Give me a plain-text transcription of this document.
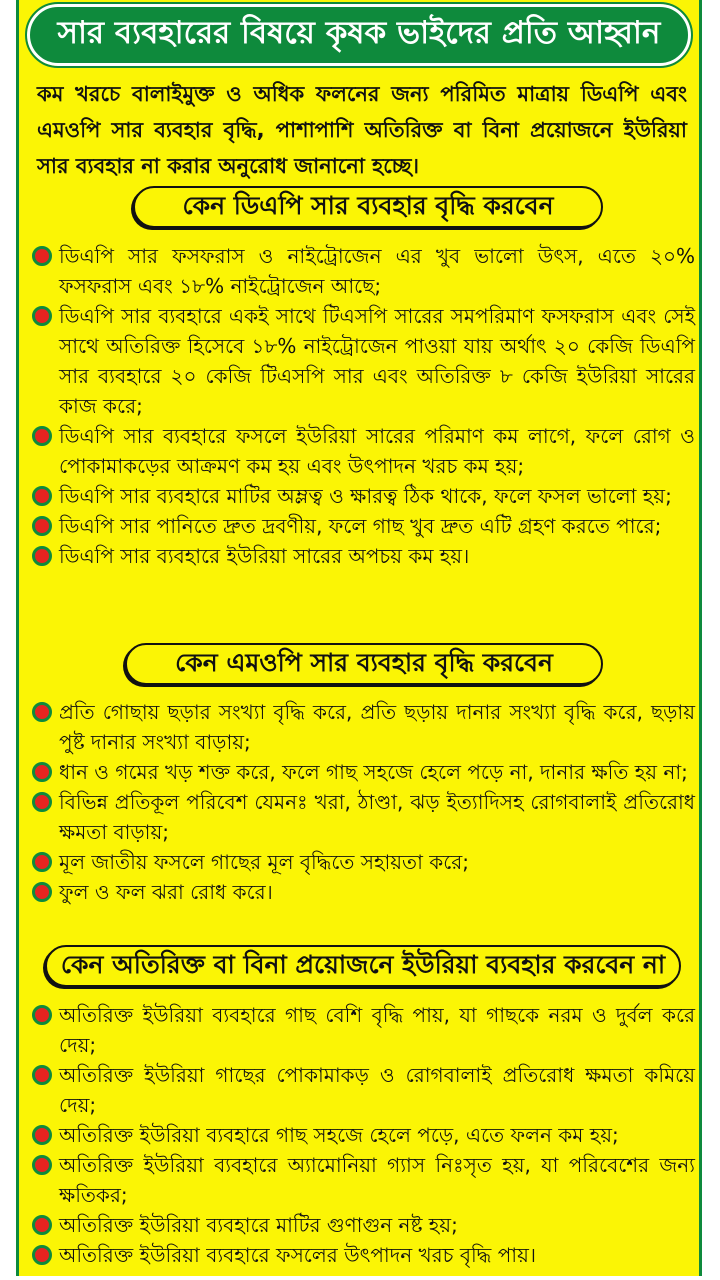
সার ব্যবহারের বিষয়ে কৃষক ভাইদের প্রতি আহ্বান
কম খরচে বালাইমুক্ত ও অধিক ফলনের জন্য পরিমিত মাত্রায় ডিএপি এবং এমওপি সার ব্যবহার বৃদ্ধি, পাশাপাশি অতিরিক্ত বা বিনা প্রয়োজনে ইউরিয়া সার ব্যবহার না করার অনুরোধ জানানো হচ্ছে।
কেন ডিএপি সার ব্যবহার বৃদ্ধি করবেন
ডিএপি সার ফসফরাস ও নাইট্রোজেন এর খুব ভালো উৎস, এতে ২০% ফসফরাস এবং ১৮% নাইট্রোজেন আছে;
ডিএপি সার ব্যবহারে একই সাথে টিএসপি সারের সমপরিমাণ ফসফরাস এবং সেই সাথে অতিরিক্ত হিসেবে ১৮% নাইট্রোজেন পাওয়া যায় অর্থাৎ ২০ কেজি ডিএপি সার ব্যবহারে ২০ কেজি টিএসপি সার এবং অতিরিক্ত ৮ কেজি ইউরিয়া সারের কাজ করে;
ডিএপি সার ব্যবহারে ফসলে ইউরিয়া সারের পরিমাণ কম লাগে, ফলে রোগ ও পোকামাকড়ের আক্রমণ কম হয় এবং উৎপাদন খরচ কম হয়;
ডিএপি সার ব্যবহারে মাটির অম্লত্ব ও ক্ষারত্ব ঠিক থাকে, ফলে ফসল ভালো হয়;
ডিএপি সার পানিতে দ্রুত দ্রবণীয়, ফলে গাছ খুব দ্রুত এটি গ্রহণ করতে পারে;
ডিএপি সার ব্যবহারে ইউরিয়া সারের অপচয় কম হয়।
কেন এমওপি সার ব্যবহার বৃদ্ধি করবেন
প্রতি গোছায় ছড়ার সংখ্যা বৃদ্ধি করে, প্রতি ছড়ায় দানার সংখ্যা বৃদ্ধি করে, ছড়ায় পুষ্ট দানার সংখ্যা বাড়ায়;
ধান ও গমের খড় শক্ত করে, ফলে গাছ সহজে হেলে পড়ে না, দানার ক্ষতি হয় না;
বিভিন্ন প্রতিকূল পরিবেশ যেমনঃ খরা, ঠাণ্ডা, ঝড় ইত্যাদিসহ রোগবালাই প্রতিরোধ ক্ষমতা বাড়ায়;
মূল জাতীয় ফসলে গাছের মূল বৃদ্ধিতে সহায়তা করে;
ফুল ও ফল ঝরা রোধ করে।
কেন অতিরিক্ত বা বিনা প্রয়োজনে ইউরিয়া ব্যবহার করবেন না
অতিরিক্ত ইউরিয়া ব্যবহারে গাছ বেশি বৃদ্ধি পায়, যা গাছকে নরম ও দুর্বল করে দেয়;
অতিরিক্ত ইউরিয়া গাছের পোকামাকড় ও রোগবালাই প্রতিরোধ ক্ষমতা কমিয়ে দেয়;
অতিরিক্ত ইউরিয়া ব্যবহারে গাছ সহজে হেলে পড়ে, এতে ফলন কম হয়;
অতিরিক্ত ইউরিয়া ব্যবহারে অ্যামোনিয়া গ্যাস নিঃসৃত হয়, যা পরিবেশের জন্য ক্ষতিকর;
অতিরিক্ত ইউরিয়া ব্যবহারে মাটির গুণাগুন নষ্ট হয়;
অতিরিক্ত ইউরিয়া ব্যবহারে ফসলের উৎপাদন খরচ বৃদ্ধি পায়।
